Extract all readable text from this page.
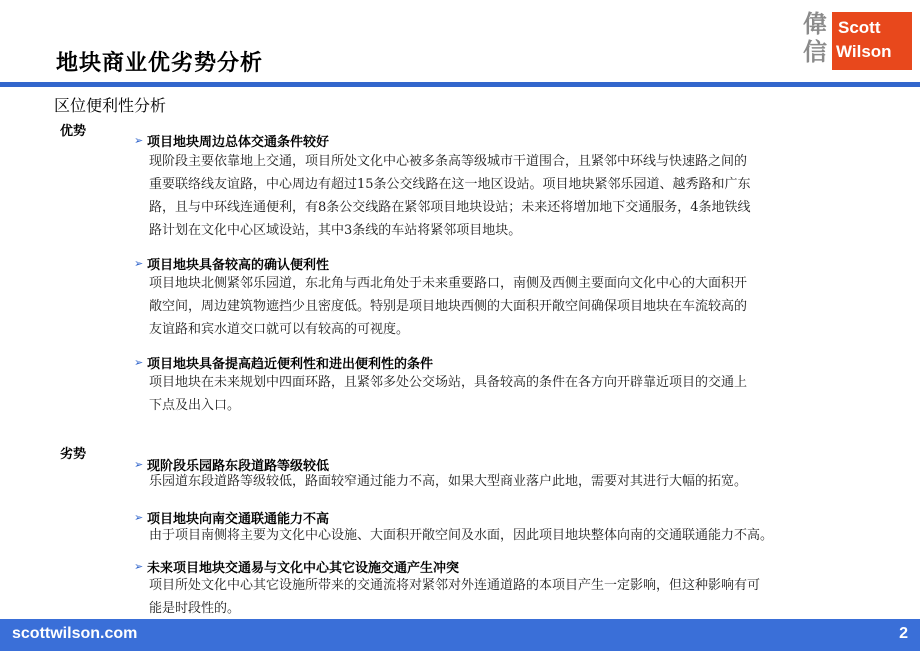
地块商业优劣势分析
区位便利性分析
偉
信
Scott
Wilson
优势
➢ 项目地块周边总体交通条件较好
现阶段主要依靠地上交通，项目所处文化中心被多条高等级城市干道围合，且紧邻中环线与快速路之间的
重要联络线友谊路，中心周边有超过15条公交线路在这一地区设站。项目地块紧邻乐园道、越秀路和广东
路，且与中环线连通便利，有8条公交线路在紧邻项目地块设站；未来还将增加地下交通服务，4条地铁线
路计划在文化中心区域设站，其中3条线的车站将紧邻项目地块。
➢ 项目地块具备较高的确认便利性
项目地块北侧紧邻乐园道，东北角与西北角处于未来重要路口，南侧及西侧主要面向文化中心的大面积开
敞空间，周边建筑物遮挡少且密度低。特别是项目地块西侧的大面积开敞空间确保项目地块在车流较高的
友谊路和宾水道交口就可以有较高的可视度。
➢ 项目地块具备提高趋近便利性和进出便利性的条件
项目地块在未来规划中四面环路，且紧邻多处公交场站，具备较高的条件在各方向开辟靠近项目的交通上
下点及出入口。
劣势
➢ 现阶段乐园路东段道路等级较低
乐园道东段道路等级较低，路面较窄通过能力不高，如果大型商业落户此地，需要对其进行大幅的拓宽。
➢ 项目地块向南交通联通能力不高
由于项目南侧将主要为文化中心设施、大面积开敞空间及水面，因此项目地块整体向南的交通联通能力不高。
➢ 未来项目地块交通易与文化中心其它设施交通产生冲突
项目所处文化中心其它设施所带来的交通流将对紧邻对外连通道路的本项目产生一定影响，但这种影响有可
能是时段性的。
scottwilson.com	2
